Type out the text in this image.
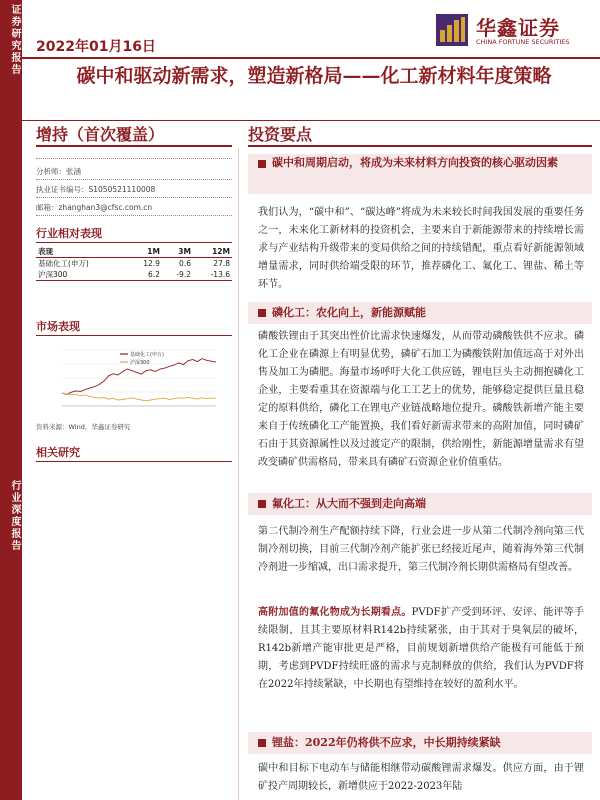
证券研究报告
行业深度报告
2022年01月16日
华鑫证券
CHINA FORTUNE SECURITIES
碳中和驱动新需求，塑造新格局——化工新材料年度策略
增持（首次覆盖）	投资要点
分析师：张涵
执业证书编号：S1050521110008
邮箱：zhanghan3@cfsc.com.cn
行业相对表现
表现	1M	3M	12M
基础化工(申万)	12.9	0.6	27.8
沪深300	6.2	-9.2	-13.6
市场表现
基础化工(申万)
沪深300
资料来源：Wind，华鑫证券研究
相关研究
碳中和周期启动，将成为未来材料方向投资的核心驱动因素
我们认为，“碳中和”、“碳达峰”将成为未来较长时间我国发展的重要任务之一，未来化工新材料的投资机会，主要来自于新能源带来的持续增长需求与产业结构升级带来的变局供给之间的持续错配，重点看好新能源领域增量需求，同时供给端受限的环节，推荐磷化工、氟化工、锂盐、稀土等环节。
磷化工：农化向上，新能源赋能
磷酸铁锂由于其突出性价比需求快速爆发，从而带动磷酸铁供不应求。磷化工企业在磷源上有明显优势，磷矿石加工为磷酸铁附加值远高于对外出售及加工为磷肥。海量市场呼吁大化工供应链，锂电巨头主动拥抱磷化工企业，主要看重其在资源端与化工工艺上的优势，能够稳定提供巨量且稳定的原料供给，磷化工在锂电产业链战略地位提升。磷酸铁新增产能主要来自于传统磷化工产能置换，我们看好新需求带来的高附加值，同时磷矿石由于其资源属性以及过渡定产的限制，供给刚性，新能源增量需求有望改变磷矿供需格局，带来具有磷矿石资源企业价值重估。
氟化工：从大而不强到走向高端
第二代制冷剂生产配额持续下降，行业会进一步从第二代制冷剂向第三代制冷剂切换，目前三代制冷剂产能扩张已经接近尾声，随着海外第三代制冷剂进一步缩减，出口需求提升，第三代制冷剂长期供需格局有望改善。
高附加值的氟化物成为长期看点。PVDF扩产受到环评、安评、能评等手续限制，且其主要原材料R142b持续紧张，由于其对于臭氧层的破坏，R142b新增产能审批更是严格，目前规划新增供给产能极有可能低于预期，考虑到PVDF持续旺盛的需求与克制释放的供给，我们认为PVDF将在2022年持续紧缺，中长期也有望维持在较好的盈利水平。
锂盐：2022年仍将供不应求，中长期持续紧缺
碳中和目标下电动车与储能相继带动碳酸锂需求爆发。供应方面，由于锂矿投产周期较长，新增供应于2022-2023年陆
